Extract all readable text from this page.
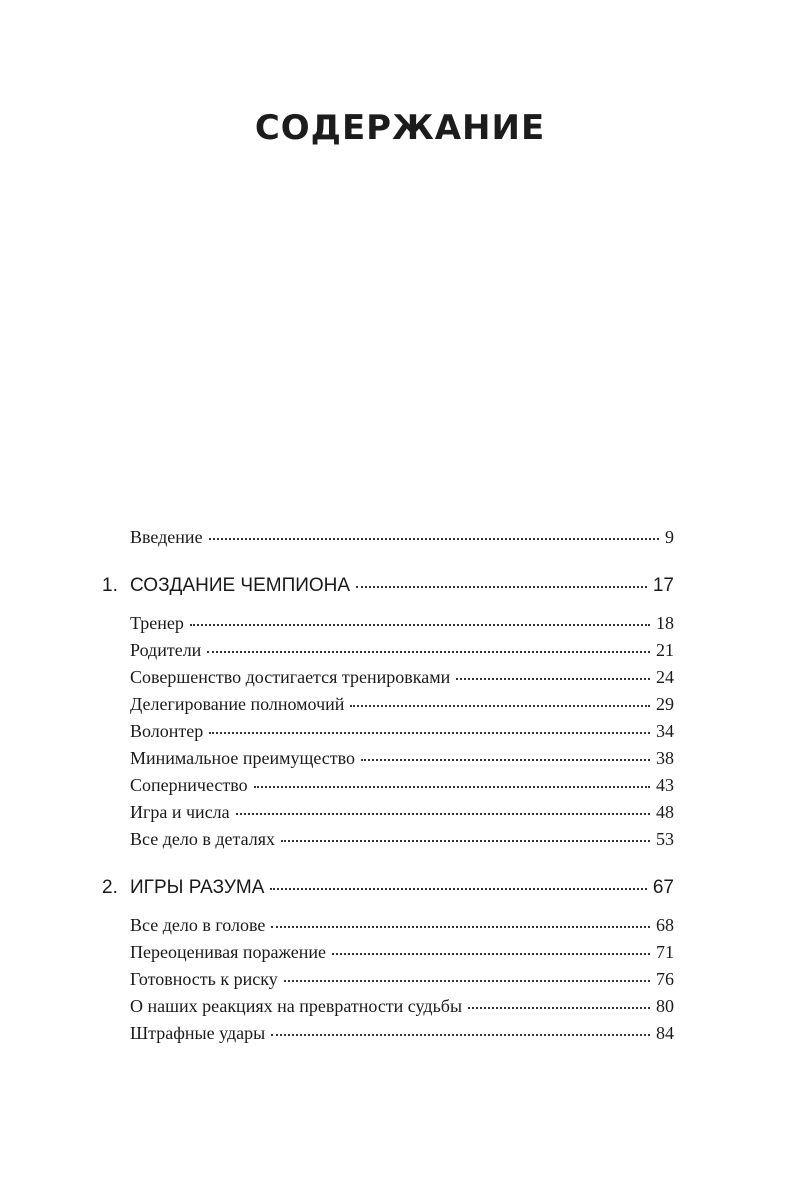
СОДЕРЖАНИЕ
Введение	9
1. СОЗДАНИЕ ЧЕМПИОНА	17
Тренер	18
Родители	21
Совершенство достигается тренировками	24
Делегирование полномочий	29
Волонтер	34
Минимальное преимущество	38
Соперничество	43
Игра и числа	48
Все дело в деталях	53
2. ИГРЫ РАЗУМА	67
Все дело в голове	68
Переоценивая поражение	71
Готовность к риску	76
О наших реакциях на превратности судьбы	80
Штрафные удары	84
